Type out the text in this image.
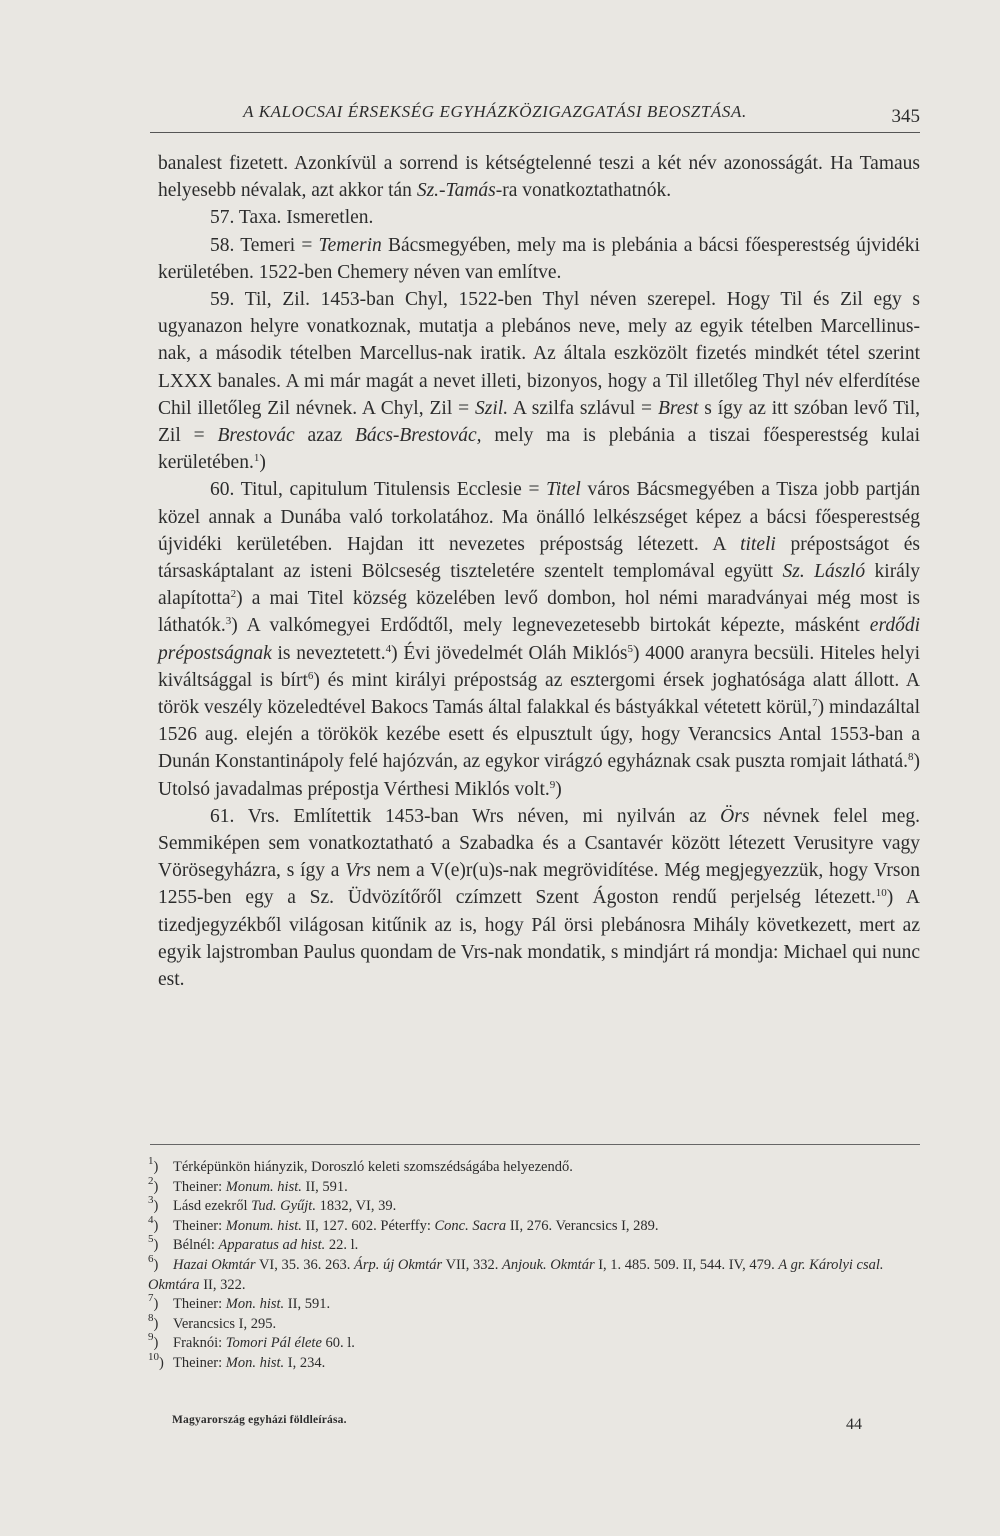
A KALOCSAI ÉRSEKSÉG EGYHÁZKÖZIGAZGATÁSI BEOSZTÁSA.	345

banalest fizetett. Azonkívül a sorrend is kétségtelenné teszi a két név azonosságát. Ha Tamaus helyesebb névalak, azt akkor tán Sz.-Tamás-ra vonatkoztathatnók.

57. Taxa. Ismeretlen.

58. Temeri = Temerin Bácsmegyében, mely ma is plebánia a bácsi főesperestség újvidéki kerületében. 1522-ben Chemery néven van említve.

59. Til, Zil. 1453-ban Chyl, 1522-ben Thyl néven szerepel. Hogy Til és Zil egy s ugyanazon helyre vonatkoznak, mutatja a plebános neve, mely az egyik tételben Marcellinus-nak, a második tételben Marcellus-nak iratik. Az általa eszközölt fizetés mindkét tétel szerint LXXX banales. A mi már magát a nevet illeti, bizonyos, hogy a Til illetőleg Thyl név elferdítése Chil illetőleg Zil névnek. A Chyl, Zil = Szil. A szilfa szlávul = Brest s így az itt szóban levő Til, Zil = Brestovác azaz Bács-Brestovác, mely ma is plebánia a tiszai főesperestség kulai kerületében.$^1$)

60. Titul, capitulum Titulensis Ecclesie = Titel város Bácsmegyében a Tisza jobb partján közel annak a Dunába való torkolatához. Ma önálló lelkészséget képez a bácsi főesperestség újvidéki kerületében. Hajdan itt nevezetes prépostság létezett. A titeli prépostságot és társaskáptalant az isteni Bölcseség tiszteletére szentelt templomával együtt Sz. László király alapította$^2$) a mai Titel község közelében levő dombon, hol némi maradványai még most is láthatók.$^3$) A valkómegyei Erdődtől, mely legnevezetesebb birtokát képezte, másként erdődi prépostságnak is neveztetett.$^4$) Évi jövedelmét Oláh Miklós$^5$) 4000 aranyra becsüli. Hiteles helyi kiváltsággal is bírt$^6$) és mint királyi prépostság az esztergomi érsek joghatósága alatt állott. A török veszély közeledtével Bakocs Tamás által falakkal és bástyákkal vétetett körül,$^7$) mindazáltal 1526 aug. elején a törökök kezébe esett és elpusztult úgy, hogy Verancsics Antal 1553-ban a Dunán Konstantinápoly felé hajózván, az egykor virágzó egyháznak csak puszta romjait láthatá.$^8$) Utolsó javadalmas prépostja Vérthesi Miklós volt.$^9$)

61. Vrs. Említettik 1453-ban Wrs néven, mi nyilván az Örs névnek felel meg. Semmiképen sem vonatkoztatható a Szabadka és a Csantavér között létezett Verusityre vagy Vörösegyházra, s így a Vrs nem a V(e)r(u)s-nak megrövidítése. Még megjegyezzük, hogy Vrson 1255-ben egy a Sz. Üdvözítőről czímzett Szent Ágoston rendű perjelség létezett.$^{10}$) A tizedjegyzékből világosan kitűnik az is, hogy Pál örsi plebánosra Mihály következett, mert az egyik lajstromban Paulus quondam de Vrs-nak mondatik, s mindjárt rá mondja: Michael qui nunc est.

$^1$) Térképünkön hiányzik, Doroszló keleti szomszédságába helyezendő.

$^2$) Theiner: Monum. hist. II, 591.

$^3$) Lásd ezekről Tud. Gyűjt. 1832, VI, 39.

$^4$) Theiner: Monum. hist. II, 127. 602. Péterffy: Conc. Sacra II, 276. Verancsics I, 289.

$^5$) Bélnél: Apparatus ad hist. 22. l.

$^6$) Hazai Okmtár VI, 35. 36. 263. Árp. új Okmtár VII, 332. Anjouk. Okmtár I, 1. 485. 509. II, 544. IV, 479. A gr. Károlyi csal. Okmtára II, 322.

$^7$) Theiner: Mon. hist. II, 591.

$^8$) Verancsics I, 295.

$^9$) Fraknói: Tomori Pál élete 60. l.

$^{10}$) Theiner: Mon. hist. I, 234.

Magyarország egyházi földleírása.	44
